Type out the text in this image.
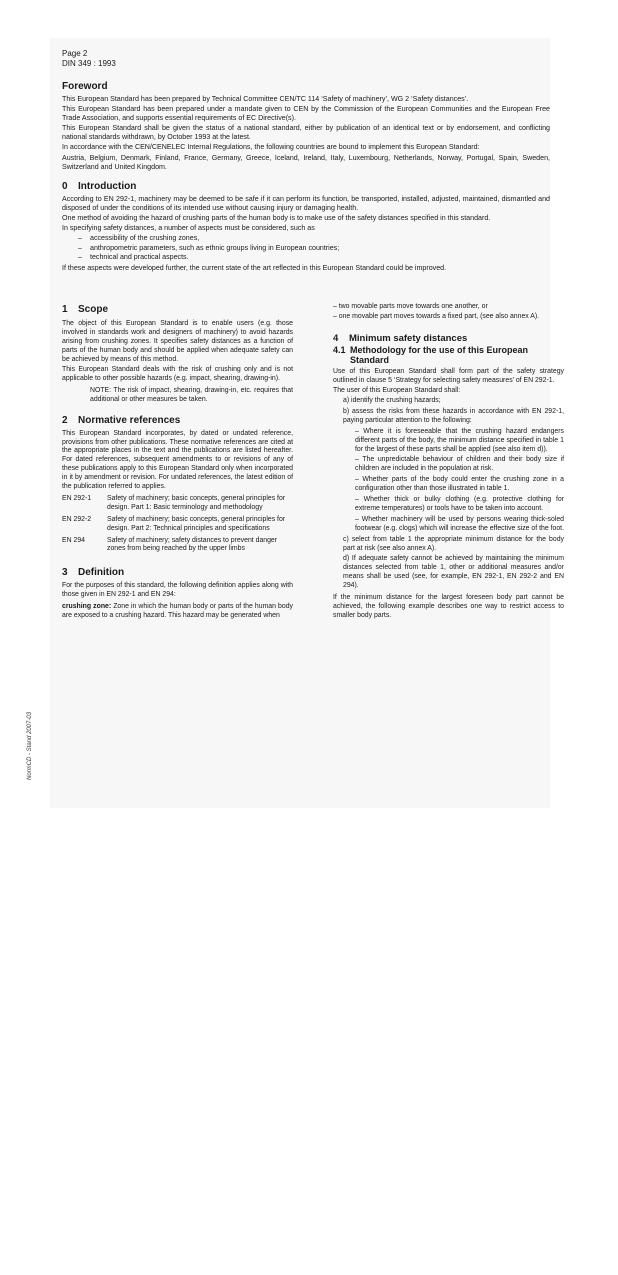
Page 2
DIN 349 : 1993
Foreword

This European Standard has been prepared by Technical Committee CEN/TC 114 ‘Safety of machinery’, WG 2 ‘Safety distances’.

This European Standard has been prepared under a mandate given to CEN by the Commission of the European Communities and the European Free Trade Association, and supports essential requirements of EC Directive(s).

This European Standard shall be given the status of a national standard, either by publication of an identical text or by endorsement, and conflicting national standards withdrawn, by October 1993 at the latest.

In accordance with the CEN/CENELEC Internal Regulations, the following countries are bound to implement this European Standard:

Austria, Belgium, Denmark, Finland, France, Germany, Greece, Iceland, Ireland, Italy, Luxembourg, Netherlands, Norway, Portugal, Spain, Sweden, Switzerland and United Kingdom.

0 Introduction

According to EN 292-1, machinery may be deemed to be safe if it can perform its function, be transported, installed, adjusted, maintained, dismantled and disposed of under the conditions of its intended use without causing injury or damaging health.

One method of avoiding the hazard of crushing parts of the human body is to make use of the safety distances specified in this standard.

In specifying safety distances, a number of aspects must be considered, such as

– accessibility of the crushing zones,
– anthropometric parameters, such as ethnic groups living in European countries;
– technical and practical aspects.

If these aspects were developed further, the current state of the art reflected in this European Standard could be improved.

1 Scope

The object of this European Standard is to enable users (e.g. those involved in standards work and designers of machinery) to avoid hazards arising from crushing zones. It specifies safety distances as a function of parts of the human body and should be applied when adequate safety can be achieved by means of this method.

This European Standard deals with the risk of crushing only and is not applicable to other possible hazards (e.g. impact, shearing, drawing-in).

NOTE: The risk of impact, shearing, drawing-in, etc. requires that additional or other measures be taken.
2 Normative references

This European Standard incorporates, by dated or undated reference, provisions from other publications. These normative references are cited at the appropriate places in the text and the publications are listed hereafter. For dated references, subsequent amendments to or revisions of any of these publications apply to this European Standard only when incorporated in it by amendment or revision. For undated references, the latest edition of the publication referred to applies.

EN 292-1	Safety of machinery; basic concepts, general principles for design. Part 1: Basic terminology and methodology
EN 292-2	Safety of machinery; basic concepts, general principles for design. Part 2: Technical principles and specifications
EN 294	Safety of machinery; safety distances to prevent danger zones from being reached by the upper limbs
3 Definition

For the purposes of this standard, the following definition applies along with those given in EN 292-1 and EN 294:

crushing zone: Zone in which the human body or parts of the human body are exposed to a crushing hazard. This hazard may be generated when

– two movable parts move towards one another, or

– one movable part moves towards a fixed part, (see also annex A).

4 Minimum safety distances
4.1 Methodology for the use of this European Standard

Use of this European Standard shall form part of the safety strategy outlined in clause 5 ‘Strategy for selecting safety measures’ of EN 292-1.

The user of this European Standard shall:

a) identify the crushing hazards;
b) assess the risks from these hazards in accordance with EN 292-1, paying particular attention to the following:
– Where it is foreseeable that the crushing hazard endangers different parts of the body, the minimum distance specified in table 1 for the largest of these parts shall be applied (see also item d)).
– The unpredictable behaviour of children and their body size if children are included in the population at risk.
– Whether parts of the body could enter the crushing zone in a configuration other than those illustrated in table 1.
– Whether thick or bulky clothing (e.g. protective clothing for extreme temperatures) or tools have to be taken into account.
– Whether machinery will be used by persons wearing thick-soled footwear (e.g. clogs) which will increase the effective size of the foot.
c) select from table 1 the appropriate minimum distance for the body part at risk (see also annex A).
d) If adequate safety cannot be achieved by maintaining the minimum distances selected from table 1, other or additional measures and/or means shall be used (see, for example, EN 292-1, EN 292-2 and EN 294).

If the minimum distance for the largest foreseen body part cannot be achieved, the following example describes one way to restrict access to smaller body parts.

NormCD - Stand 2007-03
